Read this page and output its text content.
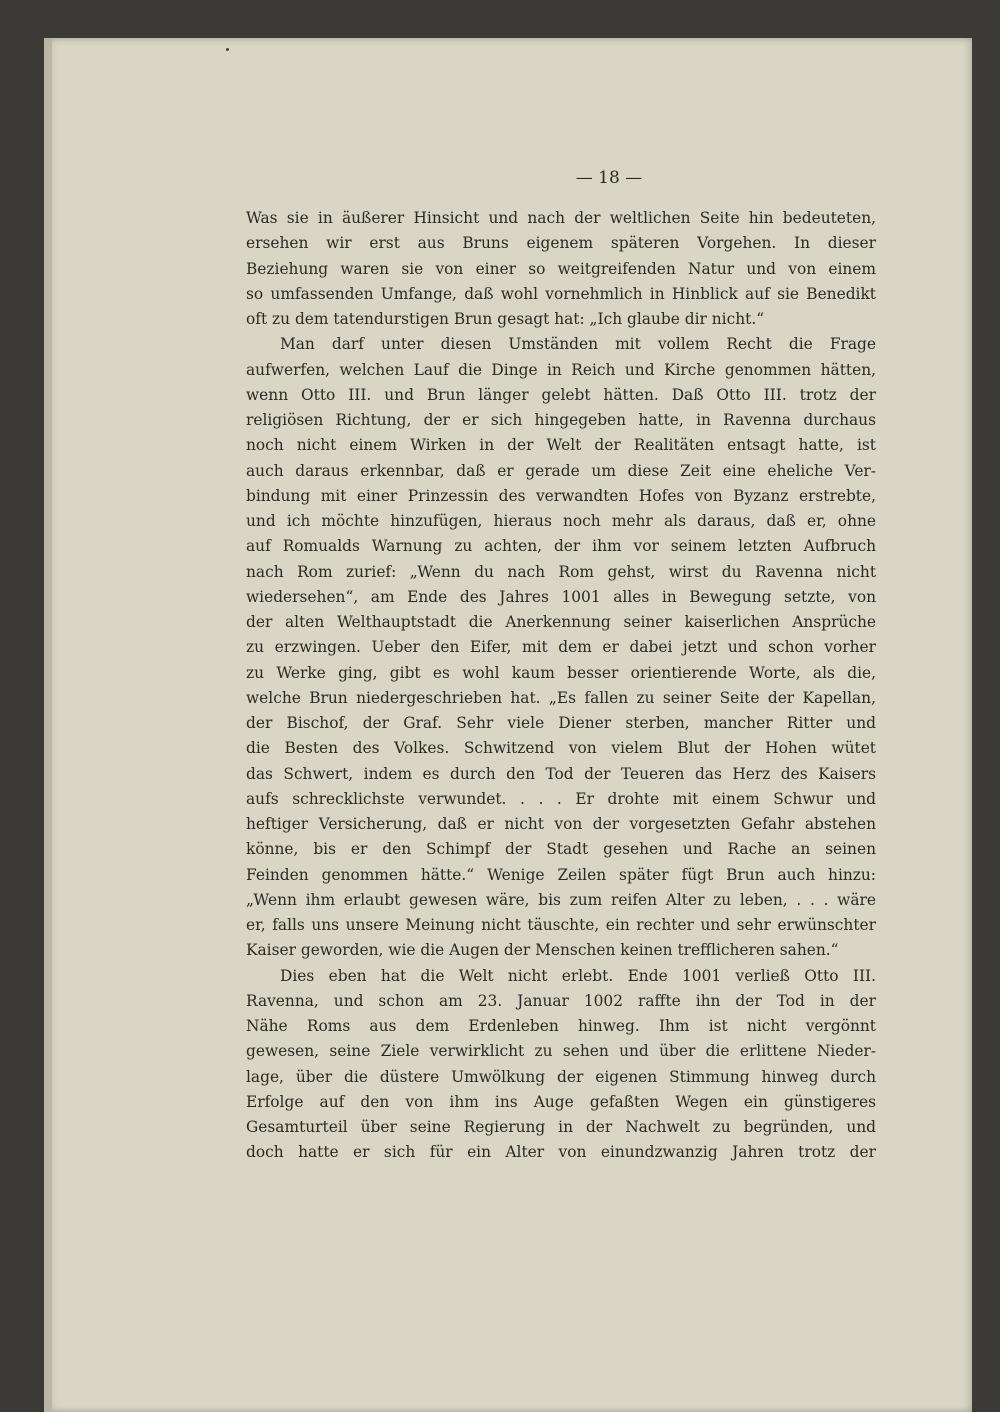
— 18 —
Was sie in äußerer Hinsicht und nach der weltlichen Seite hin bedeuteten,
ersehen wir erst aus Bruns eigenem späteren Vorgehen. In dieser
Beziehung waren sie von einer so weitgreifenden Natur und von einem
so umfassenden Umfange, daß wohl vornehmlich in Hinblick auf sie Benedikt
oft zu dem tatendurstigen Brun gesagt hat: „Ich glaube dir nicht.“
Man darf unter diesen Umständen mit vollem Recht die Frage
aufwerfen, welchen Lauf die Dinge in Reich und Kirche genommen hätten,
wenn Otto III. und Brun länger gelebt hätten. Daß Otto III. trotz der
religiösen Richtung, der er sich hingegeben hatte, in Ravenna durchaus
noch nicht einem Wirken in der Welt der Realitäten entsagt hatte, ist
auch daraus erkennbar, daß er gerade um diese Zeit eine eheliche Ver-
bindung mit einer Prinzessin des verwandten Hofes von Byzanz erstrebte,
und ich möchte hinzufügen, hieraus noch mehr als daraus, daß er, ohne
auf Romualds Warnung zu achten, der ihm vor seinem letzten Aufbruch
nach Rom zurief: „Wenn du nach Rom gehst, wirst du Ravenna nicht
wiedersehen“, am Ende des Jahres 1001 alles in Bewegung setzte, von
der alten Welthauptstadt die Anerkennung seiner kaiserlichen Ansprüche
zu erzwingen. Ueber den Eifer, mit dem er dabei jetzt und schon vorher
zu Werke ging, gibt es wohl kaum besser orientierende Worte, als die,
welche Brun niedergeschrieben hat. „Es fallen zu seiner Seite der Kapellan,
der Bischof, der Graf. Sehr viele Diener sterben, mancher Ritter und
die Besten des Volkes. Schwitzend von vielem Blut der Hohen wütet
das Schwert, indem es durch den Tod der Teueren das Herz des Kaisers
aufs schrecklichste verwundet. . . . Er drohte mit einem Schwur und
heftiger Versicherung, daß er nicht von der vorgesetzten Gefahr abstehen
könne, bis er den Schimpf der Stadt gesehen und Rache an seinen
Feinden genommen hätte.“ Wenige Zeilen später fügt Brun auch hinzu:
„Wenn ihm erlaubt gewesen wäre, bis zum reifen Alter zu leben, . . . wäre
er, falls uns unsere Meinung nicht täuschte, ein rechter und sehr erwünschter
Kaiser geworden, wie die Augen der Menschen keinen trefflicheren sahen.“
Dies eben hat die Welt nicht erlebt. Ende 1001 verließ Otto III.
Ravenna, und schon am 23. Januar 1002 raffte ihn der Tod in der
Nähe Roms aus dem Erdenleben hinweg. Ihm ist nicht vergönnt
gewesen, seine Ziele verwirklicht zu sehen und über die erlittene Nieder-
lage, über die düstere Umwölkung der eigenen Stimmung hinweg durch
Erfolge auf den von ihm ins Auge gefaßten Wegen ein günstigeres
Gesamturteil über seine Regierung in der Nachwelt zu begründen, und
doch hatte er sich für ein Alter von einundzwanzig Jahren trotz der
